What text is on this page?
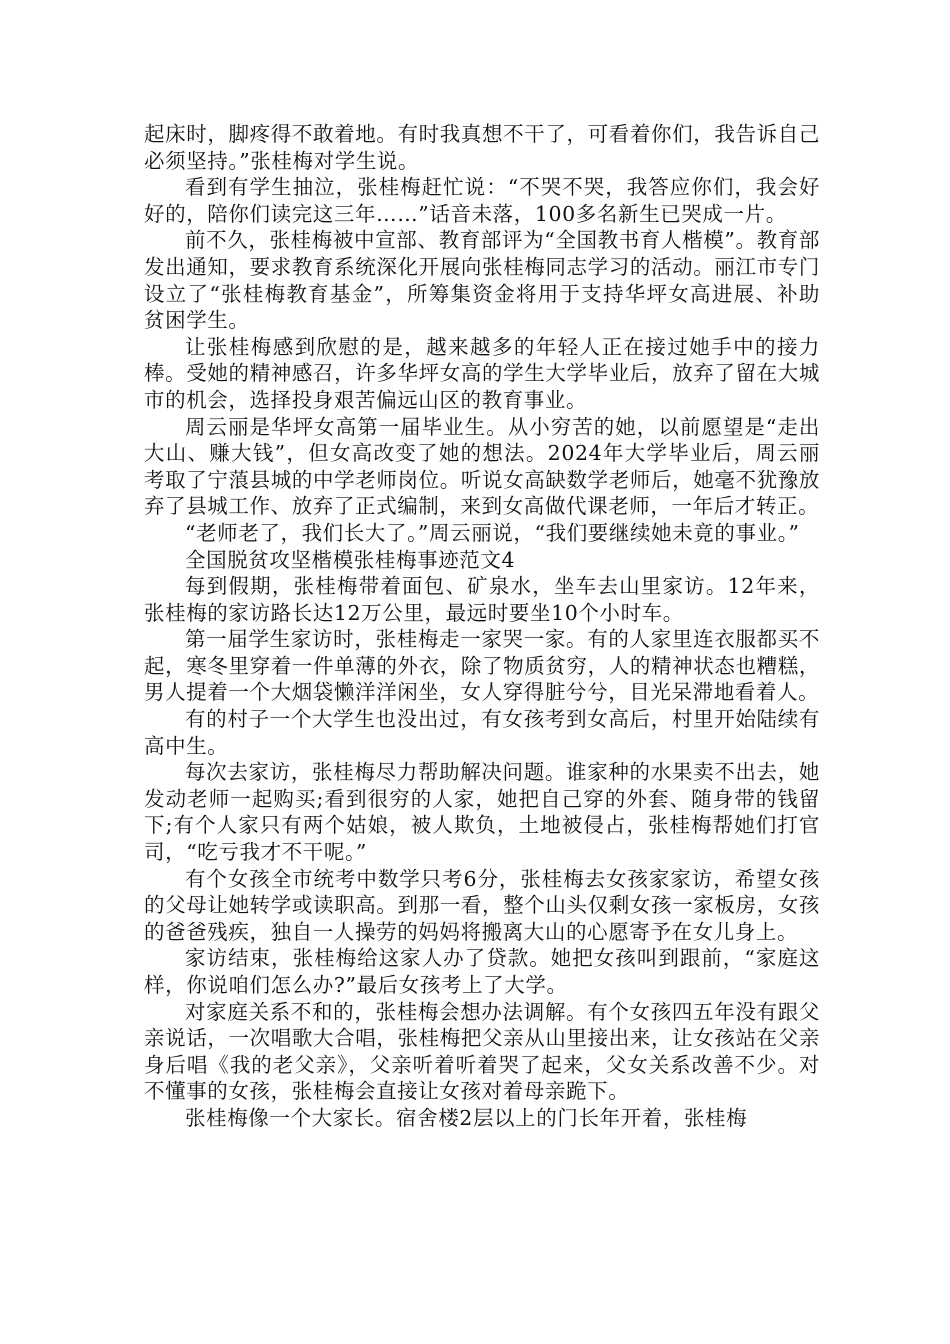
起床时，脚疼得不敢着地。有时我真想不干了，可看着你们，我告诉自己必须坚持。”张桂梅对学生说。

看到有学生抽泣，张桂梅赶忙说：“不哭不哭，我答应你们，我会好好的，陪你们读完这三年……”话音未落，100多名新生已哭成一片。

前不久，张桂梅被中宣部、教育部评为“全国教书育人楷模”。教育部发出通知，要求教育系统深化开展向张桂梅同志学习的活动。丽江市专门设立了“张桂梅教育基金”，所筹集资金将用于支持华坪女高进展、补助贫困学生。

让张桂梅感到欣慰的是，越来越多的年轻人正在接过她手中的接力棒。受她的精神感召，许多华坪女高的学生大学毕业后，放弃了留在大城市的机会，选择投身艰苦偏远山区的教育事业。

周云丽是华坪女高第一届毕业生。从小穷苦的她，以前愿望是“走出大山、赚大钱”，但女高改变了她的想法。2024年大学毕业后，周云丽考取了宁蒗县城的中学老师岗位。听说女高缺数学老师后，她毫不犹豫放弃了县城工作、放弃了正式编制，来到女高做代课老师，一年后才转正。

“老师老了，我们长大了。”周云丽说，“我们要继续她未竟的事业。”

全国脱贫攻坚楷模张桂梅事迹范文4

每到假期，张桂梅带着面包、矿泉水，坐车去山里家访。12年来，张桂梅的家访路长达12万公里，最远时要坐10个小时车。

第一届学生家访时，张桂梅走一家哭一家。有的人家里连衣服都买不起，寒冬里穿着一件单薄的外衣，除了物质贫穷，人的精神状态也糟糕，男人提着一个大烟袋懒洋洋闲坐，女人穿得脏兮兮，目光呆滞地看着人。

有的村子一个大学生也没出过，有女孩考到女高后，村里开始陆续有高中生。

每次去家访，张桂梅尽力帮助解决问题。谁家种的水果卖不出去，她发动老师一起购买;看到很穷的人家，她把自己穿的外套、随身带的钱留下;有个人家只有两个姑娘，被人欺负，土地被侵占，张桂梅帮她们打官司，“吃亏我才不干呢。”

有个女孩全市统考中数学只考6分，张桂梅去女孩家家访，希望女孩的父母让她转学或读职高。到那一看，整个山头仅剩女孩一家板房，女孩的爸爸残疾，独自一人操劳的妈妈将搬离大山的心愿寄予在女儿身上。

家访结束，张桂梅给这家人办了贷款。她把女孩叫到跟前，“家庭这样，你说咱们怎么办?”最后女孩考上了大学。

对家庭关系不和的，张桂梅会想办法调解。有个女孩四五年没有跟父亲说话，一次唱歌大合唱，张桂梅把父亲从山里接出来，让女孩站在父亲身后唱《我的老父亲》，父亲听着听着哭了起来，父女关系改善不少。对不懂事的女孩，张桂梅会直接让女孩对着母亲跪下。

张桂梅像一个大家长。宿舍楼2层以上的门长年开着，张桂梅
